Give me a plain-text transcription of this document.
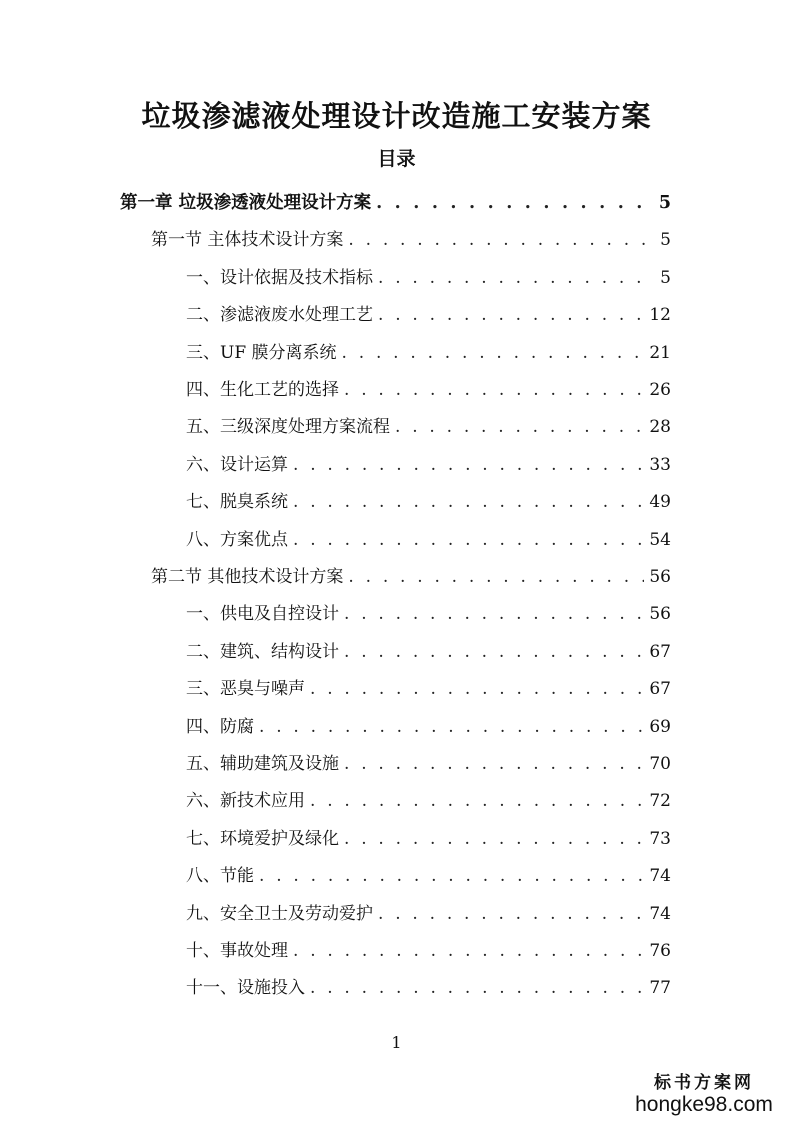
垃圾渗滤液处理设计改造施工安装方案
目录
第一章 垃圾渗透液处理设计方案 . . .	5
第一节 主体技术设计方案 . . .	5
一、设计依据及技术指标 . . .	5
二、渗滤液废水处理工艺 . . .	12
三、UF 膜分离系统 . . .	21
四、生化工艺的选择 . . .	26
五、三级深度处理方案流程 . . .	28
六、设计运算 . . .	33
七、脱臭系统 . . .	49
八、方案优点 . . .	54
第二节 其他技术设计方案 . . .	56
一、供电及自控设计 . . .	56
二、建筑、结构设计 . . .	67
三、恶臭与噪声 . . .	67
四、防腐 . . .	69
五、辅助建筑及设施 . . .	70
六、新技术应用 . . .	72
七、环境爱护及绿化 . . .	73
八、节能 . . .	74
九、安全卫士及劳动爱护 . . .	74
十、事故处理 . . .	76
十一、设施投入 . . .	77
1
标书方案网
hongke98.com
